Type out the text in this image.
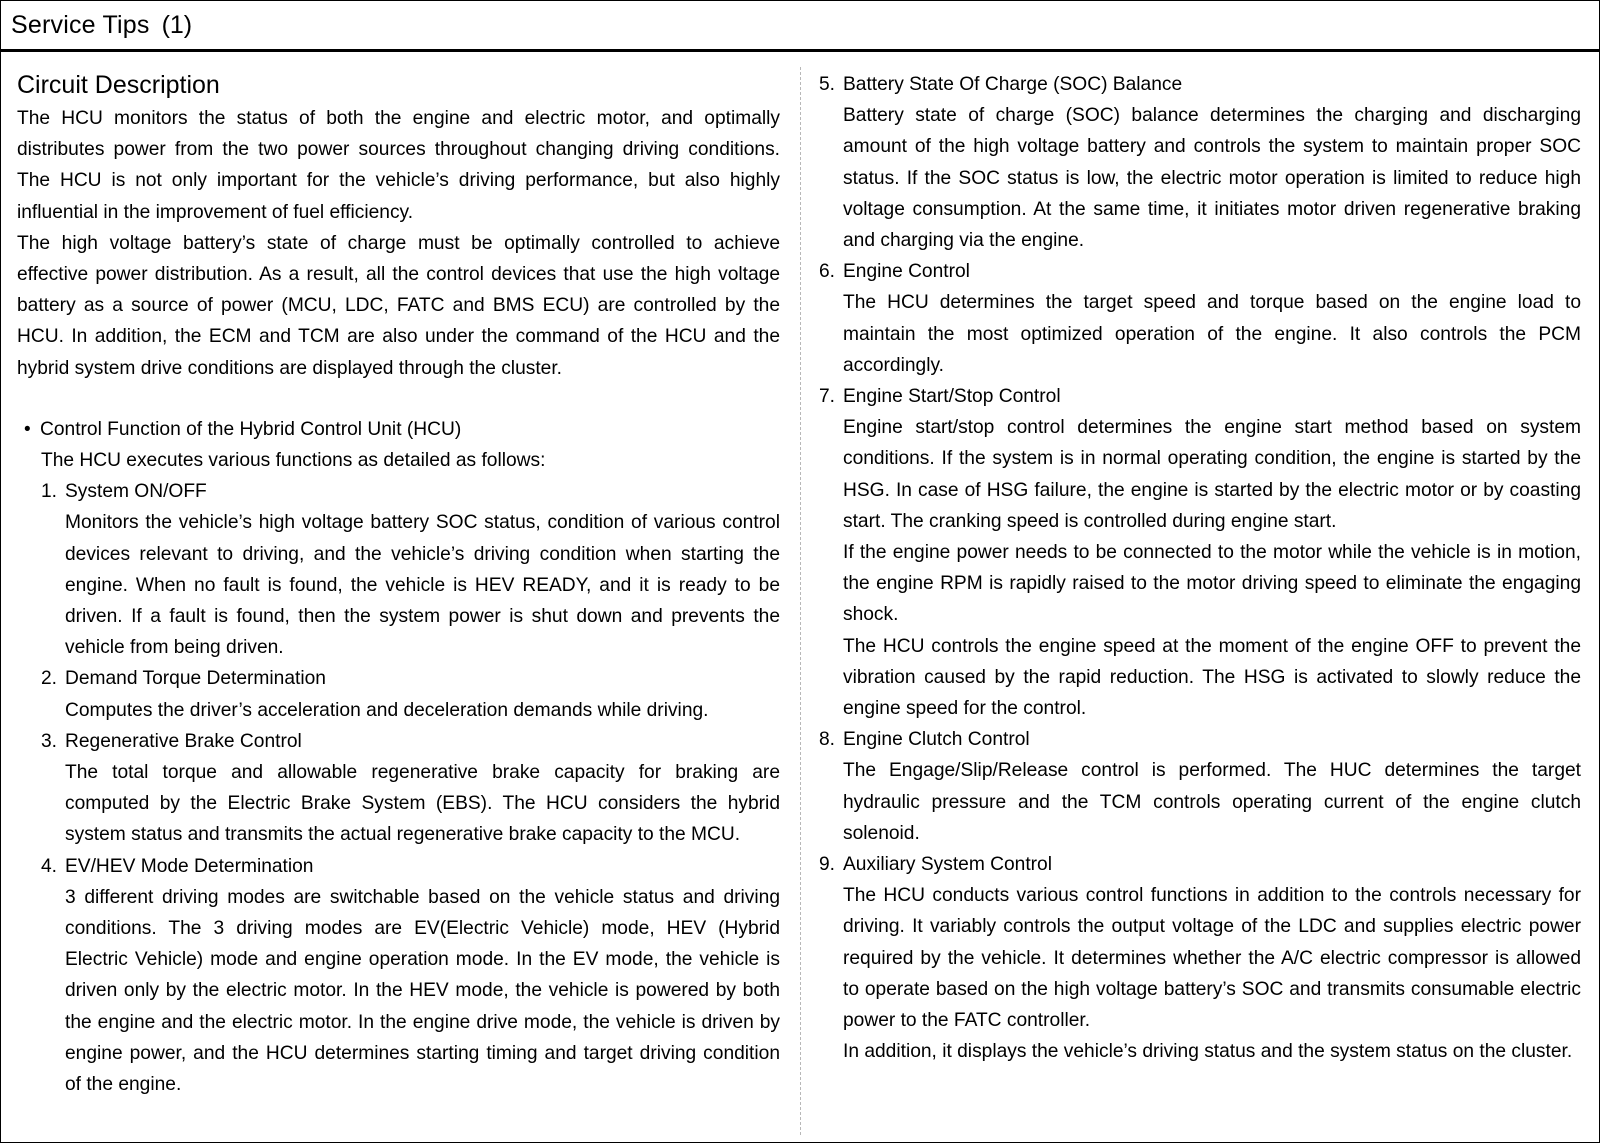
Service Tips (1)
Circuit Description
The HCU monitors the status of both the engine and electric motor, and optimally distributes power from the two power sources throughout changing driving conditions. The HCU is not only important for the vehicle’s driving performance, but also highly influential in the improvement of fuel efficiency.
The high voltage battery’s state of charge must be optimally controlled to achieve effective power distribution. As a result, all the control devices that use the high voltage battery as a source of power (MCU, LDC, FATC and BMS ECU) are controlled by the HCU. In addition, the ECM and TCM are also under the command of the HCU and the hybrid system drive conditions are displayed through the cluster.
• Control Function of the Hybrid Control Unit (HCU)
The HCU executes various functions as detailed as follows:
1. System ON/OFF
Monitors the vehicle’s high voltage battery SOC status, condition of various control devices relevant to driving, and the vehicle’s driving condition when starting the engine. When no fault is found, the vehicle is HEV READY, and it is ready to be driven. If a fault is found, then the system power is shut down and prevents the vehicle from being driven.
2. Demand Torque Determination
Computes the driver’s acceleration and deceleration demands while driving.
3. Regenerative Brake Control
The total torque and allowable regenerative brake capacity for braking are computed by the Electric Brake System (EBS). The HCU considers the hybrid system status and transmits the actual regenerative brake capacity to the MCU.
4. EV/HEV Mode Determination
3 different driving modes are switchable based on the vehicle status and driving conditions. The 3 driving modes are EV(Electric Vehicle) mode, HEV (Hybrid Electric Vehicle) mode and engine operation mode. In the EV mode, the vehicle is driven only by the electric motor. In the HEV mode, the vehicle is powered by both the engine and the electric motor. In the engine drive mode, the vehicle is driven by engine power, and the HCU determines starting timing and target driving condition of the engine.
5. Battery State Of Charge (SOC) Balance
Battery state of charge (SOC) balance determines the charging and discharging amount of the high voltage battery and controls the system to maintain proper SOC status. If the SOC status is low, the electric motor operation is limited to reduce high voltage consumption. At the same time, it initiates motor driven regenerative braking and charging via the engine.
6. Engine Control
The HCU determines the target speed and torque based on the engine load to maintain the most optimized operation of the engine. It also controls the PCM accordingly.
7. Engine Start/Stop Control
Engine start/stop control determines the engine start method based on system conditions. If the system is in normal operating condition, the engine is started by the HSG. In case of HSG failure, the engine is started by the electric motor or by coasting start. The cranking speed is controlled during engine start.
If the engine power needs to be connected to the motor while the vehicle is in motion, the engine RPM is rapidly raised to the motor driving speed to eliminate the engaging shock.
The HCU controls the engine speed at the moment of the engine OFF to prevent the vibration caused by the rapid reduction. The HSG is activated to slowly reduce the engine speed for the control.
8. Engine Clutch Control
The Engage/Slip/Release control is performed. The HUC determines the target hydraulic pressure and the TCM controls operating current of the engine clutch solenoid.
9. Auxiliary System Control
The HCU conducts various control functions in addition to the controls necessary for driving. It variably controls the output voltage of the LDC and supplies electric power required by the vehicle. It determines whether the A/C electric compressor is allowed to operate based on the high voltage battery’s SOC and transmits consumable electric power to the FATC controller.
In addition, it displays the vehicle’s driving status and the system status on the cluster.
